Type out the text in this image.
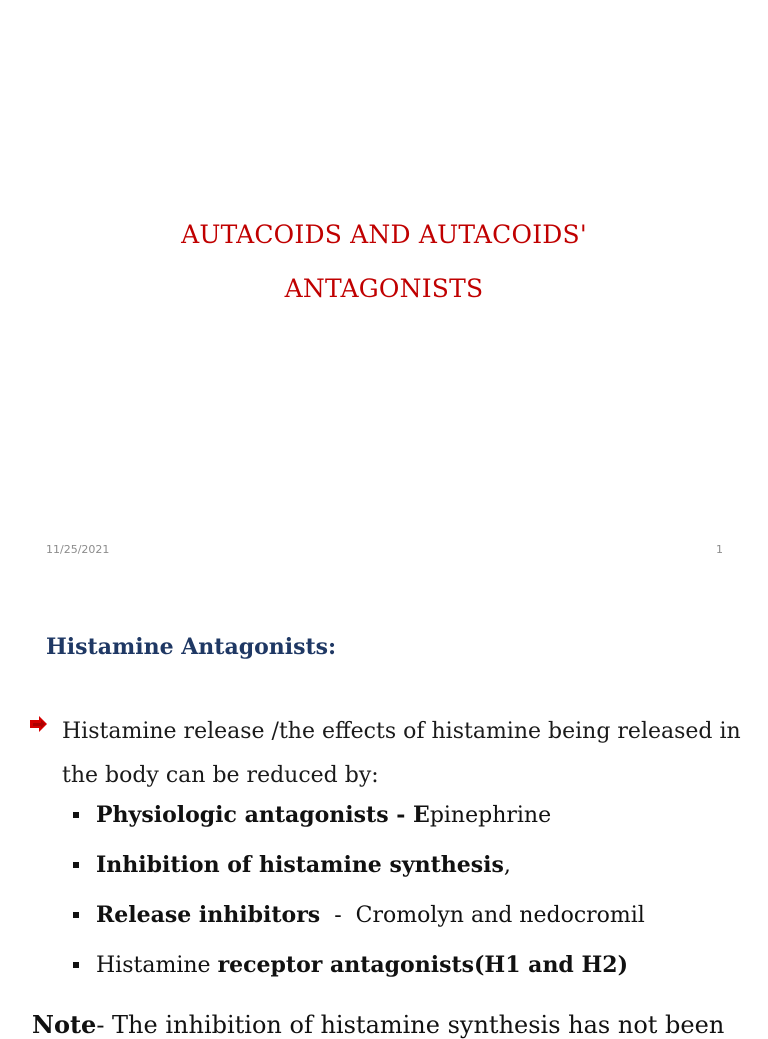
AUTACOIDS AND AUTACOIDS'
ANTAGONISTS
11/25/2021	1
Histamine Antagonists:
Histamine release /the effects of histamine being released in the body can be reduced by:
Physiologic antagonists - Epinephrine
Inhibition of histamine synthesis,
Release inhibitors  -  Cromolyn and nedocromil
Histamine receptor antagonists(H1 and H2)
Note- The inhibition of histamine synthesis has not been
